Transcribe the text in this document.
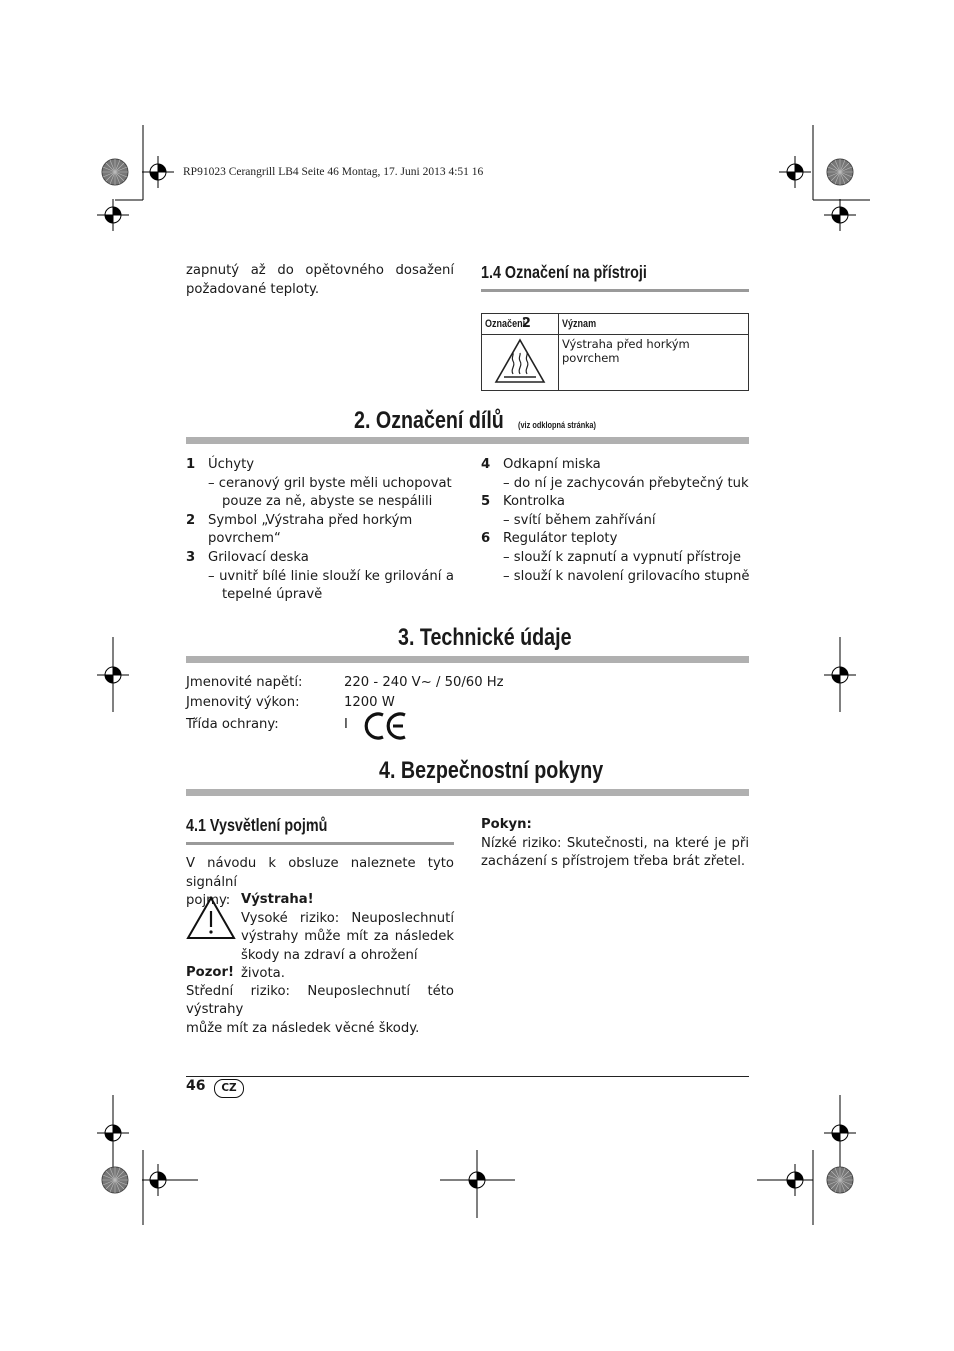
RP91023 Cerangrill LB4 Seite 46 Montag, 17. Juni 2013 4:51 16
zapnutý až do opětovného dosažení
požadované teploty.
1.4 Označení na přístroji
Označení2	Význam
	Výstraha před horkým povrchem
2. Označení dílů (viz odklopná stránka)
1 Úchyty
– ceranový gril byste měli uchopovat
pouze za ně, abyste se nespálili
2 Symbol „Výstraha před horkým
povrchem“
3 Grilovací deska
– uvnitř bílé linie slouží ke grilování a
tepelné úpravě
4 Odkapní miska
– do ní je zachycován přebytečný tuk
5 Kontrolka
– svítí během zahřívání
6 Regulátor teploty
– slouží k zapnutí a vypnutí přístroje
– slouží k navolení grilovacího stupně
3. Technické údaje
Jmenovité napětí:	220 - 240 V~ / 50/60 Hz
Jmenovitý výkon:	1200 W
Třída ochrany:	I
4. Bezpečnostní pokyny
4.1 Vysvětlení pojmů
V návodu k obsluze naleznete tyto signální
pojmy: Výstraha!
Vysoké riziko: Neuposlechnutí
výstrahy může mít za následek
škody na zdraví a ohrožení života.
Pozor!
Střední riziko: Neuposlechnutí této výstrahy
může mít za následek věcné škody.
Pokyn:
Nízké riziko: Skutečnosti, na které je při
zacházení s přístrojem třeba brát zřetel.
46	CZ
